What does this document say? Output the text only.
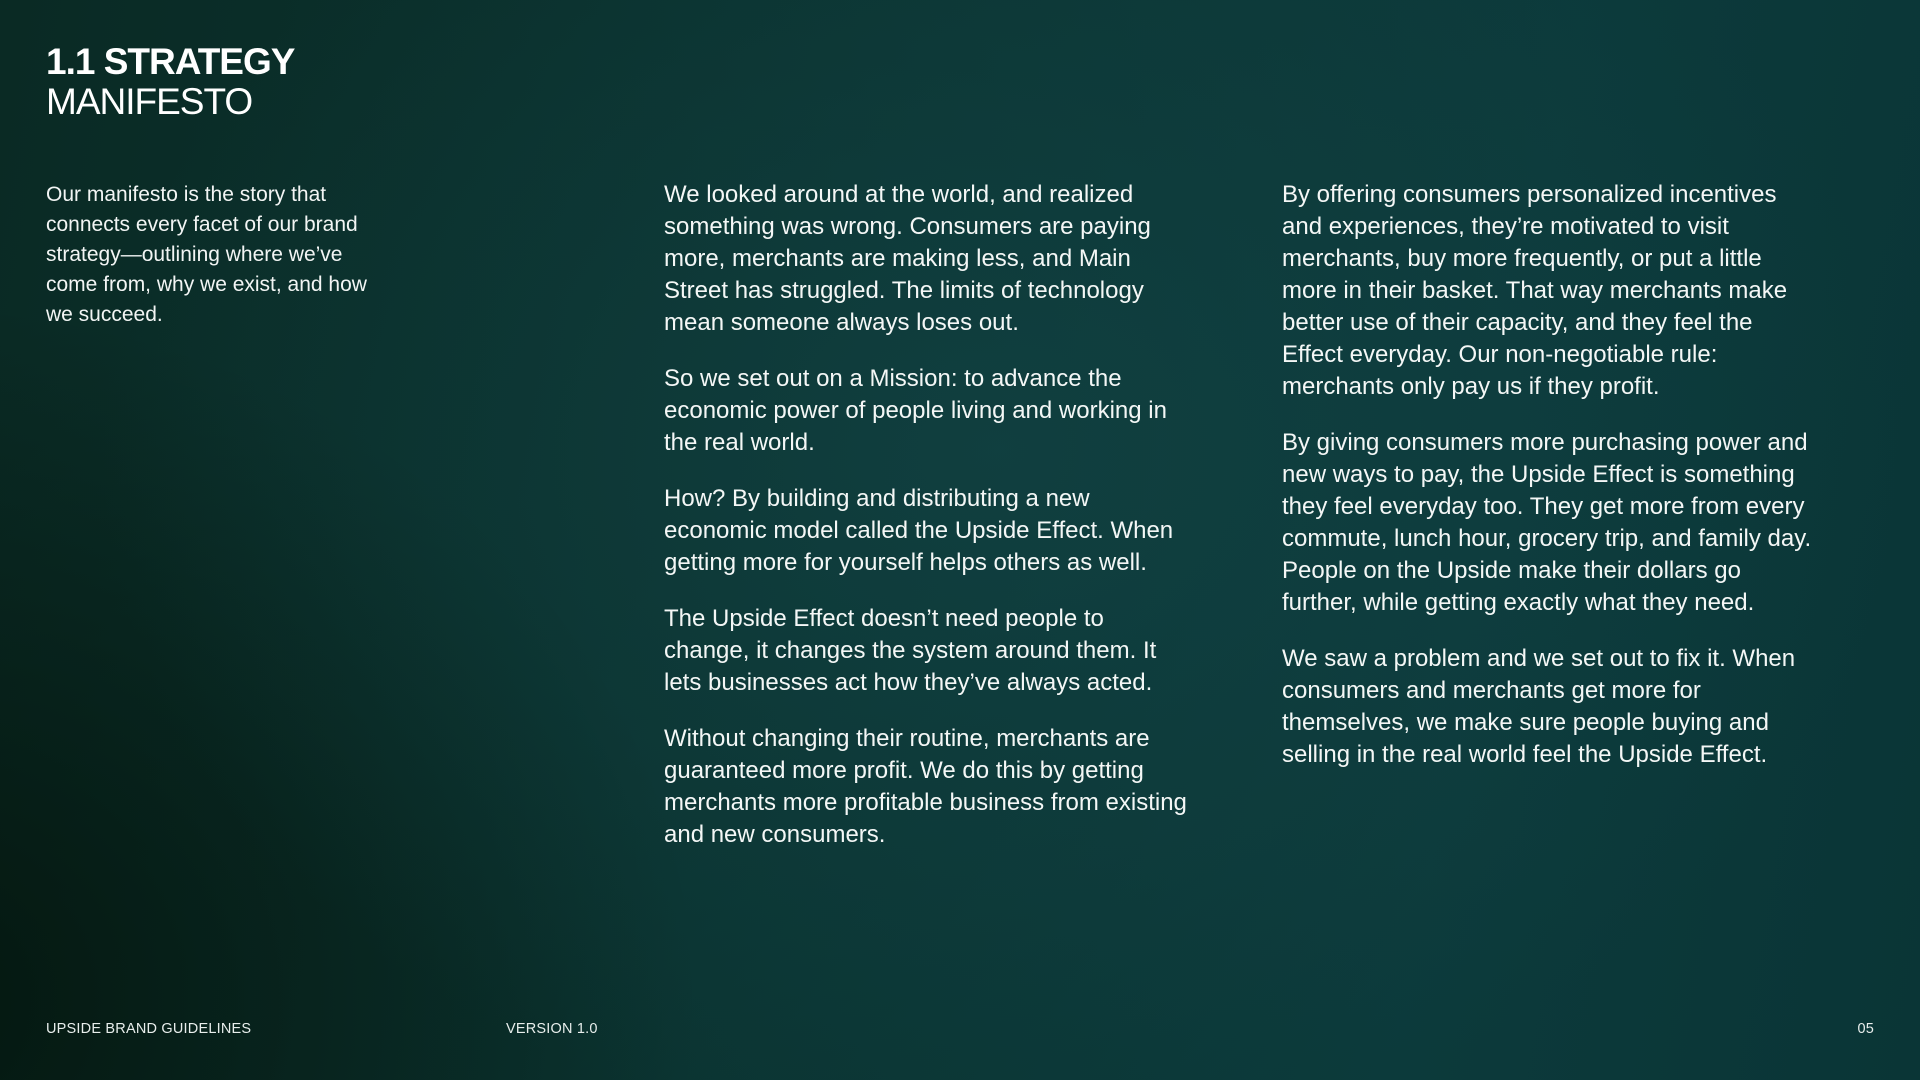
1.1 STRATEGY
MANIFESTO
Our manifesto is the story that connects every facet of our brand strategy—outlining where we’ve come from, why we exist, and how we succeed.

We looked around at the world, and realized something was wrong. Consumers are paying more, merchants are making less, and Main Street has struggled. The limits of technology mean someone always loses out.

So we set out on a Mission: to advance the economic power of people living and working in the real world.

How? By building and distributing a new economic model called the Upside Effect. When getting more for yourself helps others as well.

The Upside Effect doesn’t need people to change, it changes the system around them. It lets businesses act how they’ve always acted.

Without changing their routine, merchants are guaranteed more profit. We do this by getting merchants more profitable business from existing and new consumers.

By offering consumers personalized incentives and experiences, they’re motivated to visit merchants, buy more frequently, or put a little more in their basket. That way merchants make better use of their capacity, and they feel the Effect everyday. Our non-negotiable rule: merchants only pay us if they profit.

By giving consumers more purchasing power and new ways to pay, the Upside Effect is something they feel everyday too. They get more from every commute, lunch hour, grocery trip, and family day. People on the Upside make their dollars go further, while getting exactly what they need.

We saw a problem and we set out to fix it. When consumers and merchants get more for themselves, we make sure people buying and selling in the real world feel the Upside Effect.

UPSIDE BRAND GUIDELINES	VERSION 1.0	05
